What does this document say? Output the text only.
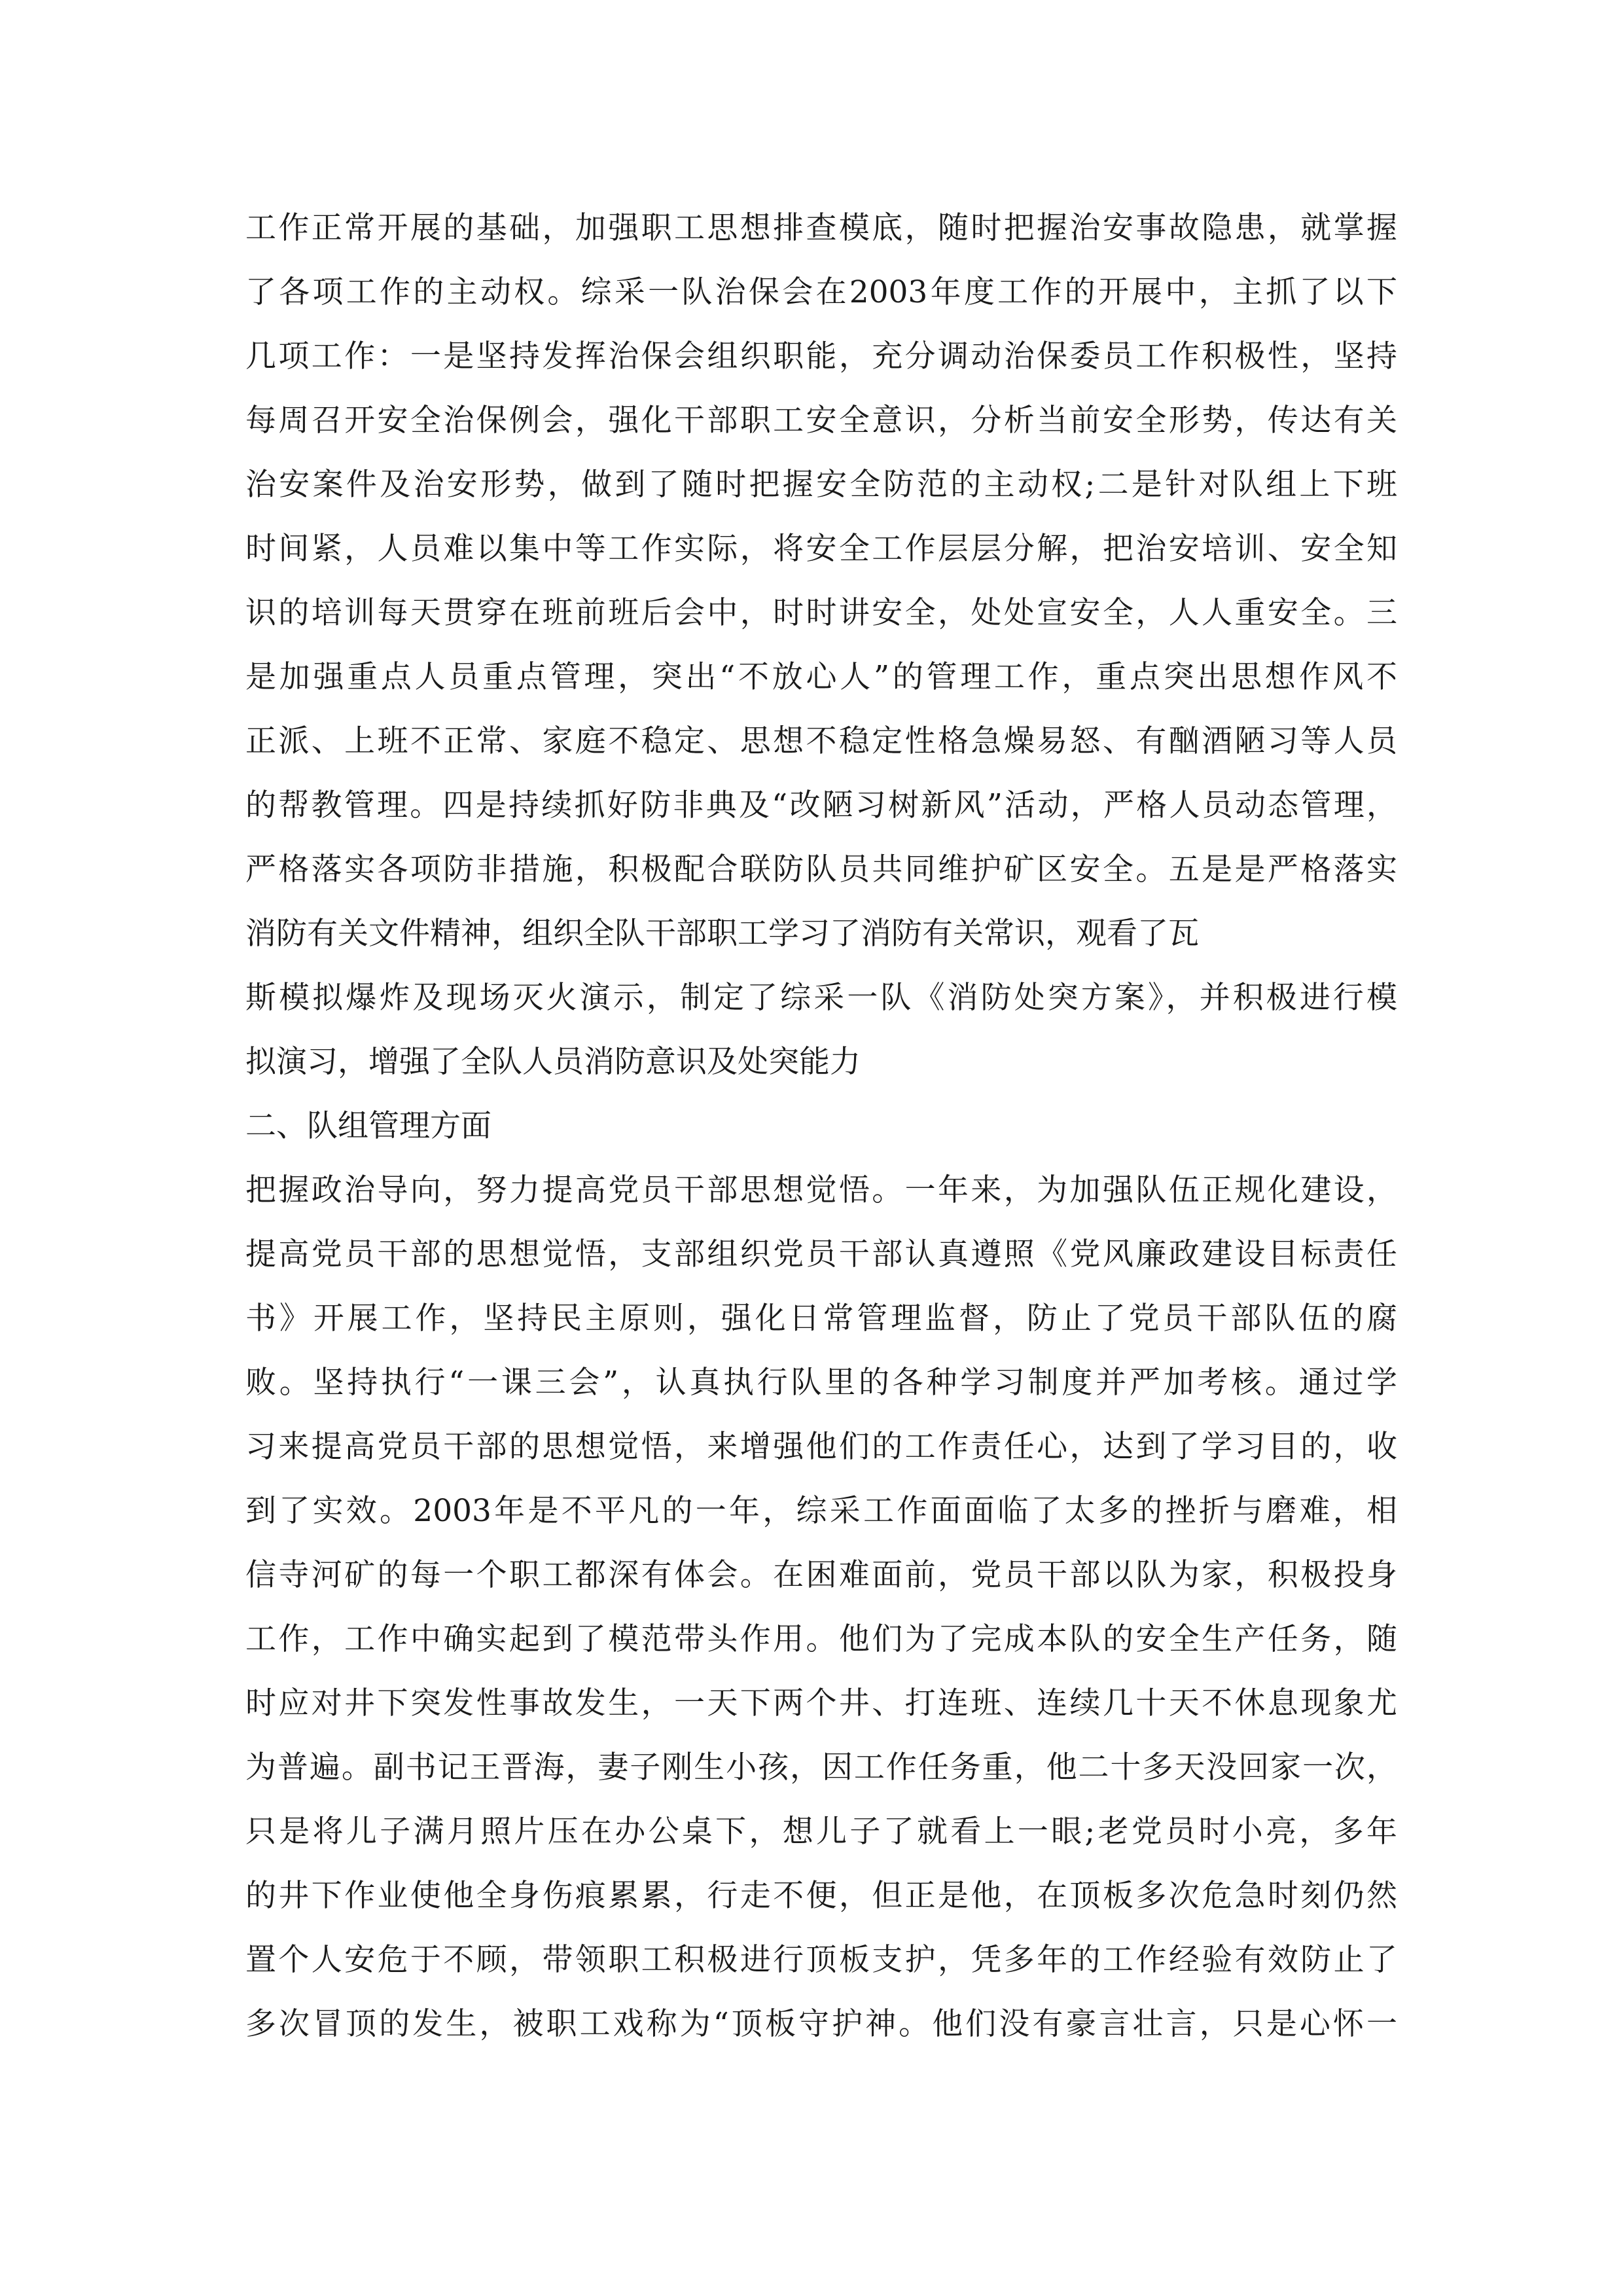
工作正常开展的基础，加强职工思想排查模底，随时把握治安事故隐患，就掌握
了各项工作的主动权。综采一队治保会在2003年度工作的开展中，主抓了以下
几项工作：一是坚持发挥治保会组织职能，充分调动治保委员工作积极性，坚持
每周召开安全治保例会，强化干部职工安全意识，分析当前安全形势，传达有关
治安案件及治安形势，做到了随时把握安全防范的主动权;二是针对队组上下班
时间紧，人员难以集中等工作实际，将安全工作层层分解，把治安培训、安全知
识的培训每天贯穿在班前班后会中，时时讲安全，处处宣安全，人人重安全。三
是加强重点人员重点管理，突出“不放心人”的管理工作，重点突出思想作风不
正派、上班不正常、家庭不稳定、思想不稳定性格急燥易怒、有酗酒陋习等人员
的帮教管理。四是持续抓好防非典及“改陋习树新风”活动，严格人员动态管理，
严格落实各项防非措施，积极配合联防队员共同维护矿区安全。五是是严格落实
消防有关文件精神，组织全队干部职工学习了消防有关常识，观看了瓦
斯模拟爆炸及现场灭火演示，制定了综采一队《消防处突方案》，并积极进行模
拟演习，增强了全队人员消防意识及处突能力
二、队组管理方面
把握政治导向，努力提高党员干部思想觉悟。一年来，为加强队伍正规化建设，
提高党员干部的思想觉悟，支部组织党员干部认真遵照《党风廉政建设目标责任
书》开展工作，坚持民主原则，强化日常管理监督，防止了党员干部队伍的腐
败。坚持执行“一课三会”，认真执行队里的各种学习制度并严加考核。通过学
习来提高党员干部的思想觉悟，来增强他们的工作责任心，达到了学习目的，收
到了实效。2003年是不平凡的一年，综采工作面面临了太多的挫折与磨难，相
信寺河矿的每一个职工都深有体会。在困难面前，党员干部以队为家，积极投身
工作，工作中确实起到了模范带头作用。他们为了完成本队的安全生产任务，随
时应对井下突发性事故发生，一天下两个井、打连班、连续几十天不休息现象尤
为普遍。副书记王晋海，妻子刚生小孩，因工作任务重，他二十多天没回家一次，
只是将儿子满月照片压在办公桌下，想儿子了就看上一眼;老党员时小亮，多年
的井下作业使他全身伤痕累累，行走不便，但正是他，在顶板多次危急时刻仍然
置个人安危于不顾，带领职工积极进行顶板支护，凭多年的工作经验有效防止了
多次冒顶的发生，被职工戏称为“顶板守护神。他们没有豪言壮言，只是心怀一
